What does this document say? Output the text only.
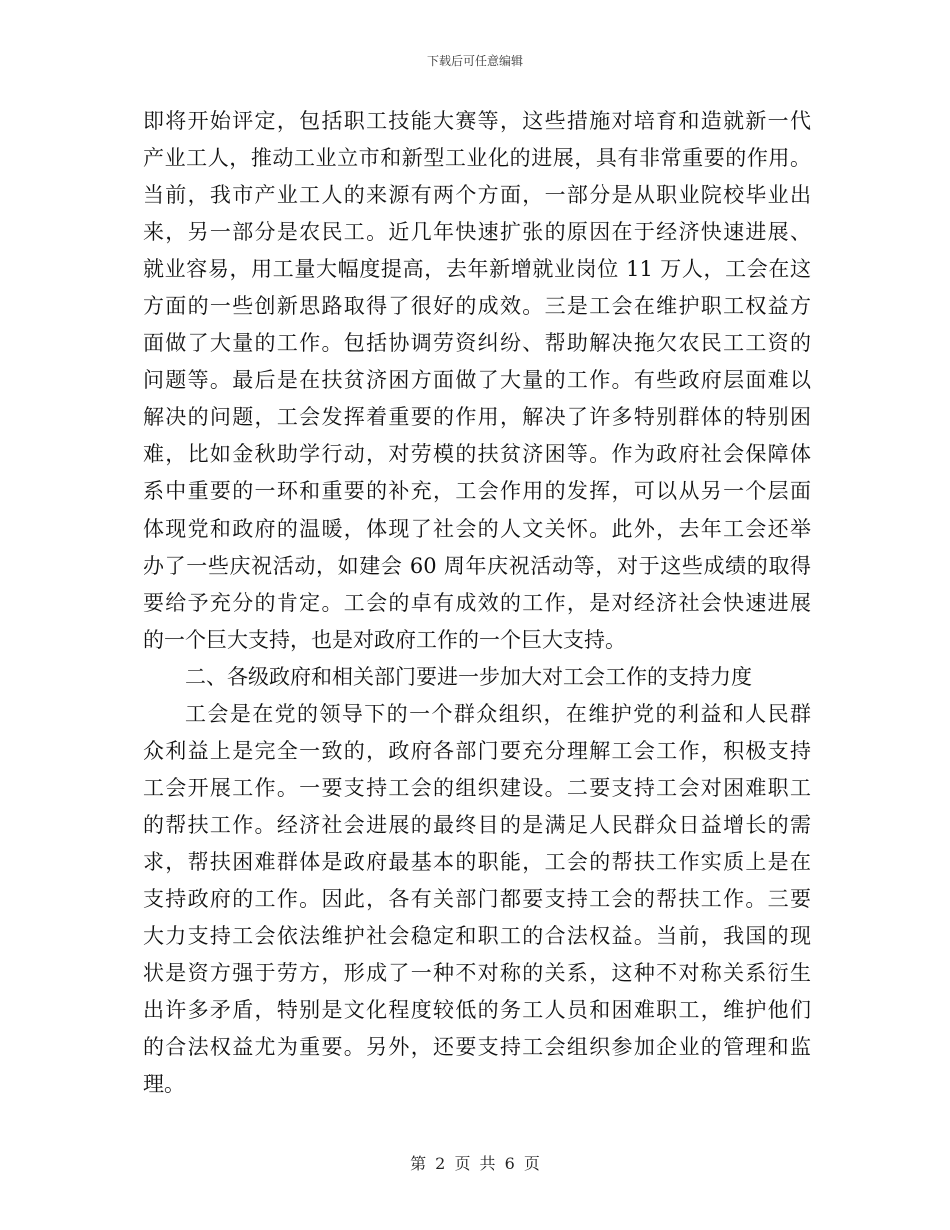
下载后可任意编辑
即将开始评定，包括职工技能大赛等，这些措施对培育和造就新一代
产业工人，推动工业立市和新型工业化的进展，具有非常重要的作用。
当前，我市产业工人的来源有两个方面，一部分是从职业院校毕业出
来，另一部分是农民工。近几年快速扩张的原因在于经济快速进展、
就业容易，用工量大幅度提高，去年新增就业岗位 11 万人，工会在这
方面的一些创新思路取得了很好的成效。三是工会在维护职工权益方
面做了大量的工作。包括协调劳资纠纷、帮助解决拖欠农民工工资的
问题等。最后是在扶贫济困方面做了大量的工作。有些政府层面难以
解决的问题，工会发挥着重要的作用，解决了许多特别群体的特别困
难，比如金秋助学行动，对劳模的扶贫济困等。作为政府社会保障体
系中重要的一环和重要的补充，工会作用的发挥，可以从另一个层面
体现党和政府的温暖，体现了社会的人文关怀。此外，去年工会还举
办了一些庆祝活动，如建会 60 周年庆祝活动等，对于这些成绩的取得
要给予充分的肯定。工会的卓有成效的工作，是对经济社会快速进展
的一个巨大支持，也是对政府工作的一个巨大支持。
二、各级政府和相关部门要进一步加大对工会工作的支持力度
工会是在党的领导下的一个群众组织，在维护党的利益和人民群
众利益上是完全一致的，政府各部门要充分理解工会工作，积极支持
工会开展工作。一要支持工会的组织建设。二要支持工会对困难职工
的帮扶工作。经济社会进展的最终目的是满足人民群众日益增长的需
求，帮扶困难群体是政府最基本的职能，工会的帮扶工作实质上是在
支持政府的工作。因此，各有关部门都要支持工会的帮扶工作。三要
大力支持工会依法维护社会稳定和职工的合法权益。当前，我国的现
状是资方强于劳方，形成了一种不对称的关系，这种不对称关系衍生
出许多矛盾，特别是文化程度较低的务工人员和困难职工，维护他们
的合法权益尤为重要。另外，还要支持工会组织参加企业的管理和监
理。
第 2 页 共 6 页
